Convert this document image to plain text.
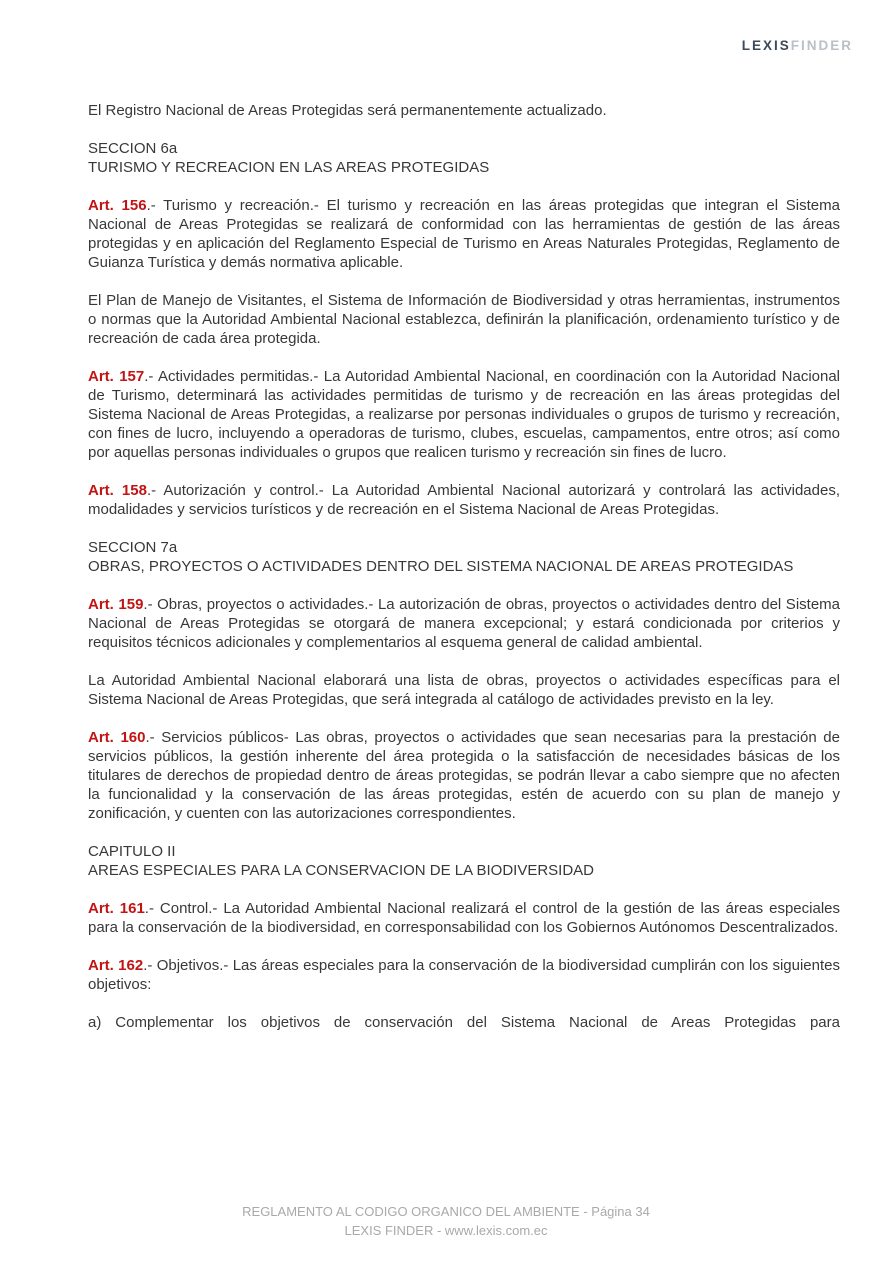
LEXISFINDER

El Registro Nacional de Areas Protegidas será permanentemente actualizado.

SECCION 6a

TURISMO Y RECREACION EN LAS AREAS PROTEGIDAS

Art. 156.- Turismo y recreación.- El turismo y recreación en las áreas protegidas que integran el Sistema Nacional de Areas Protegidas se realizará de conformidad con las herramientas de gestión de las áreas protegidas y en aplicación del Reglamento Especial de Turismo en Areas Naturales Protegidas, Reglamento de Guianza Turística y demás normativa aplicable.

El Plan de Manejo de Visitantes, el Sistema de Información de Biodiversidad y otras herramientas, instrumentos o normas que la Autoridad Ambiental Nacional establezca, definirán la planificación, ordenamiento turístico y de recreación de cada área protegida.

Art. 157.- Actividades permitidas.- La Autoridad Ambiental Nacional, en coordinación con la Autoridad Nacional de Turismo, determinará las actividades permitidas de turismo y de recreación en las áreas protegidas del Sistema Nacional de Areas Protegidas, a realizarse por personas individuales o grupos de turismo y recreación, con fines de lucro, incluyendo a operadoras de turismo, clubes, escuelas, campamentos, entre otros; así como por aquellas personas individuales o grupos que realicen turismo y recreación sin fines de lucro.

Art. 158.- Autorización y control.- La Autoridad Ambiental Nacional autorizará y controlará las actividades, modalidades y servicios turísticos y de recreación en el Sistema Nacional de Areas Protegidas.

SECCION 7a

OBRAS, PROYECTOS O ACTIVIDADES DENTRO DEL SISTEMA NACIONAL DE AREAS PROTEGIDAS

Art. 159.- Obras, proyectos o actividades.- La autorización de obras, proyectos o actividades dentro del Sistema Nacional de Areas Protegidas se otorgará de manera excepcional; y estará condicionada por criterios y requisitos técnicos adicionales y complementarios al esquema general de calidad ambiental.

La Autoridad Ambiental Nacional elaborará una lista de obras, proyectos o actividades específicas para el Sistema Nacional de Areas Protegidas, que será integrada al catálogo de actividades previsto en la ley.

Art. 160.- Servicios públicos- Las obras, proyectos o actividades que sean necesarias para la prestación de servicios públicos, la gestión inherente del área protegida o la satisfacción de necesidades básicas de los titulares de derechos de propiedad dentro de áreas protegidas, se podrán llevar a cabo siempre que no afecten la funcionalidad y la conservación de las áreas protegidas, estén de acuerdo con su plan de manejo y zonificación, y cuenten con las autorizaciones correspondientes.

CAPITULO II

AREAS ESPECIALES PARA LA CONSERVACION DE LA BIODIVERSIDAD

Art. 161.- Control.- La Autoridad Ambiental Nacional realizará el control de la gestión de las áreas especiales para la conservación de la biodiversidad, en corresponsabilidad con los Gobiernos Autónomos Descentralizados.

Art. 162.- Objetivos.- Las áreas especiales para la conservación de la biodiversidad cumplirán con los siguientes objetivos:

a) Complementar los objetivos de conservación del Sistema Nacional de Areas Protegidas para

REGLAMENTO AL CODIGO ORGANICO DEL AMBIENTE - Página 34
LEXIS FINDER - www.lexis.com.ec
